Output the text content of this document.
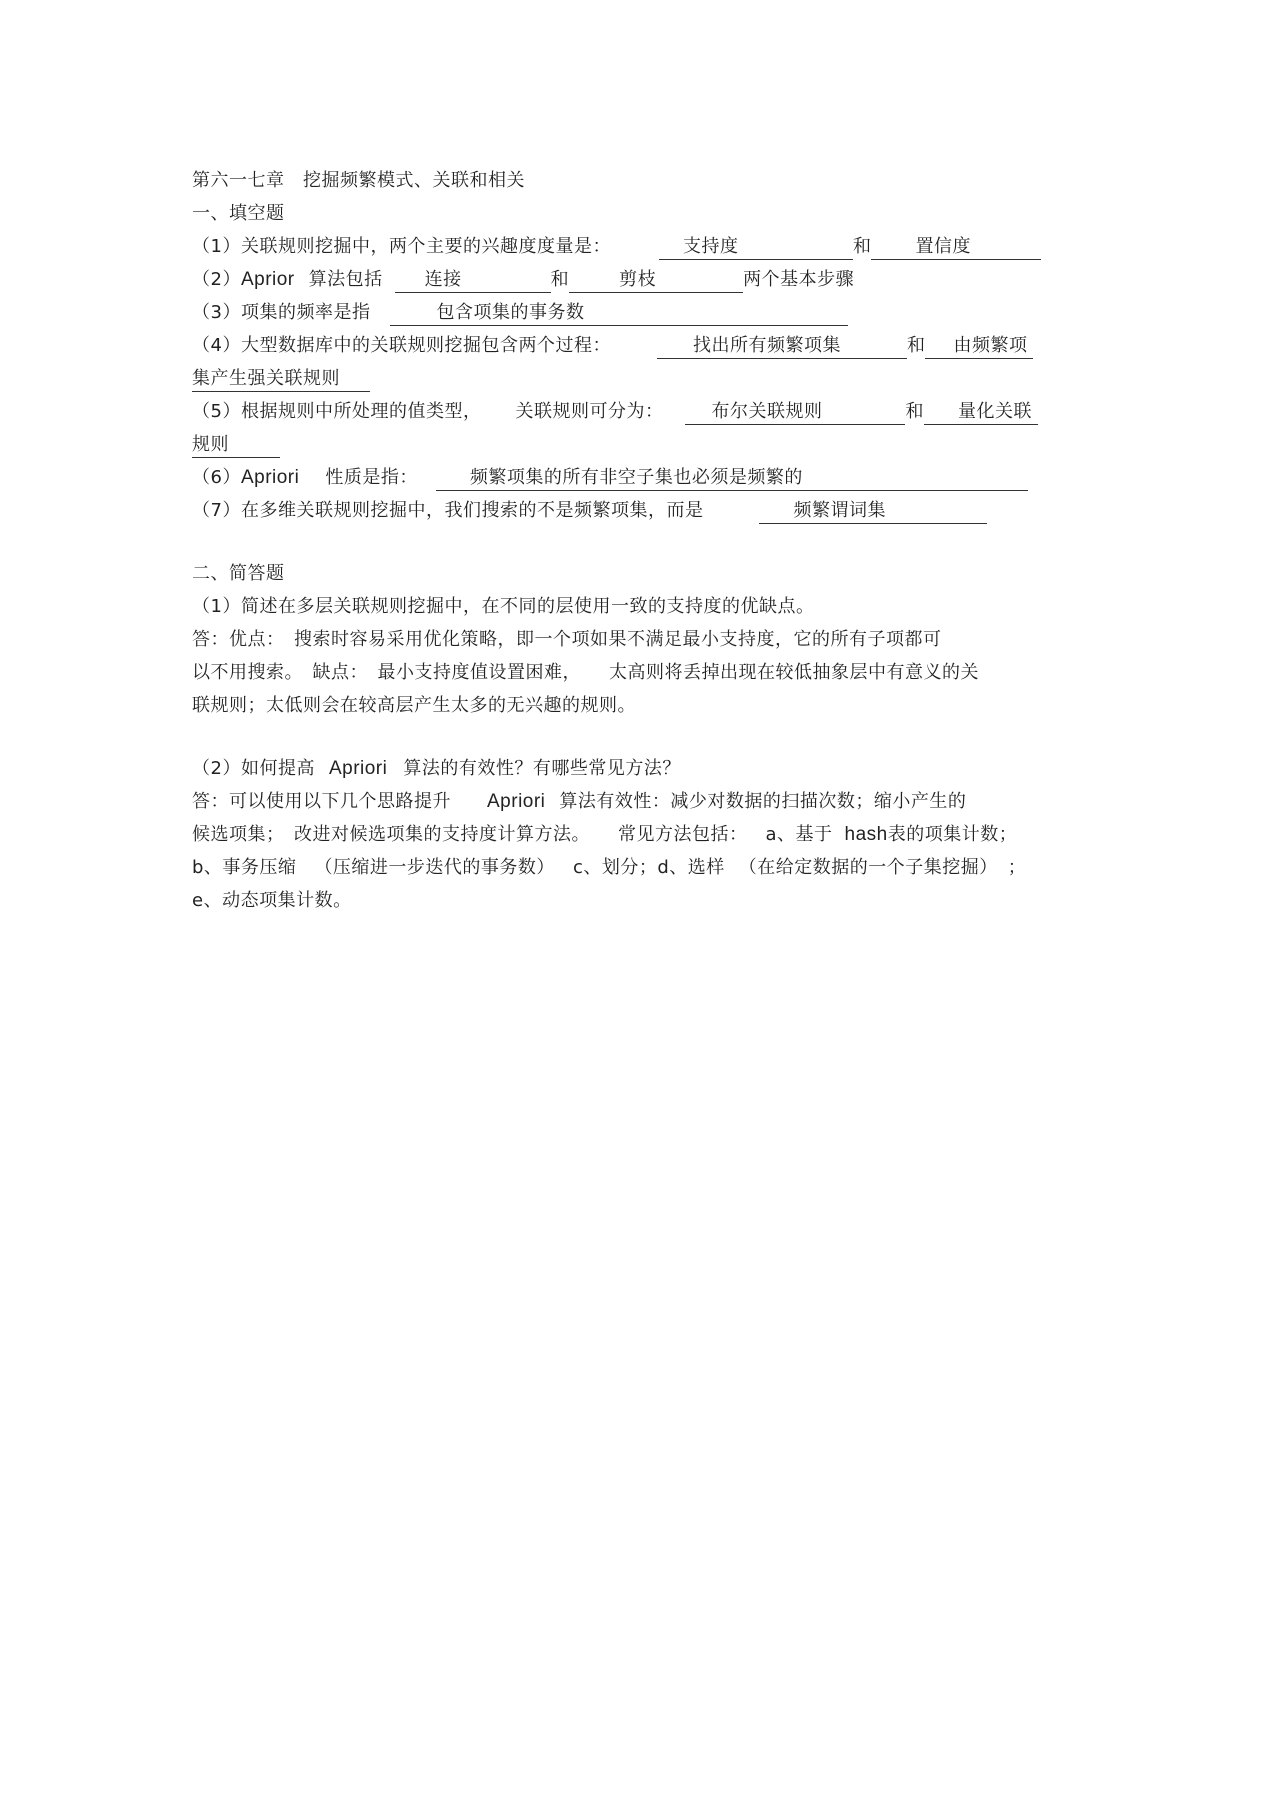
第六一七章　挖掘频繁模式、关联和相关
一、填空题
（1）关联规则挖掘中，两个主要的兴趣度度量是：	支持度	和 置信度
（2）Aprior 算法包括 连接	和	剪枝	两个基本步骤
（3）项集的频率是指	包含项集的事务数
（4）大型数据库中的关联规则挖掘包含两个过程：	找出所有频繁项集	和 由频繁项
集产生强关联规则
（5）根据规则中所处理的值类型， 关联规则可分为：	布尔关联规则	和 量化关联
规则
（6）Apriori 性质是指：	频繁项集的所有非空子集也必须是频繁的
（7）在多维关联规则挖掘中，我们搜索的不是频繁项集，而是	频繁谓词集
二、简答题
（1）简述在多层关联规则挖掘中，在不同的层使用一致的支持度的优缺点。
答：优点：　搜索时容易采用优化策略，即一个项如果不满足最小支持度，它的所有子项都可
以不用搜索。　缺点：　最小支持度值设置困难，　　太高则将丢掉出现在较低抽象层中有意义的关
联规则；太低则会在较高层产生太多的无兴趣的规则。
（2）如何提高 Apriori 算法的有效性？有哪些常见方法？
答：可以使用以下几个思路提升 Apriori 算法有效性：减少对数据的扫描次数；缩小产生的
候选项集；　改进对候选项集的支持度计算方法。　　常见方法包括： a、基于 hash表的项集计数；
b、事务压缩 （压缩进一步迭代的事务数） c、划分；d、选样 （在给定数据的一个子集挖掘） ；
e、动态项集计数。
